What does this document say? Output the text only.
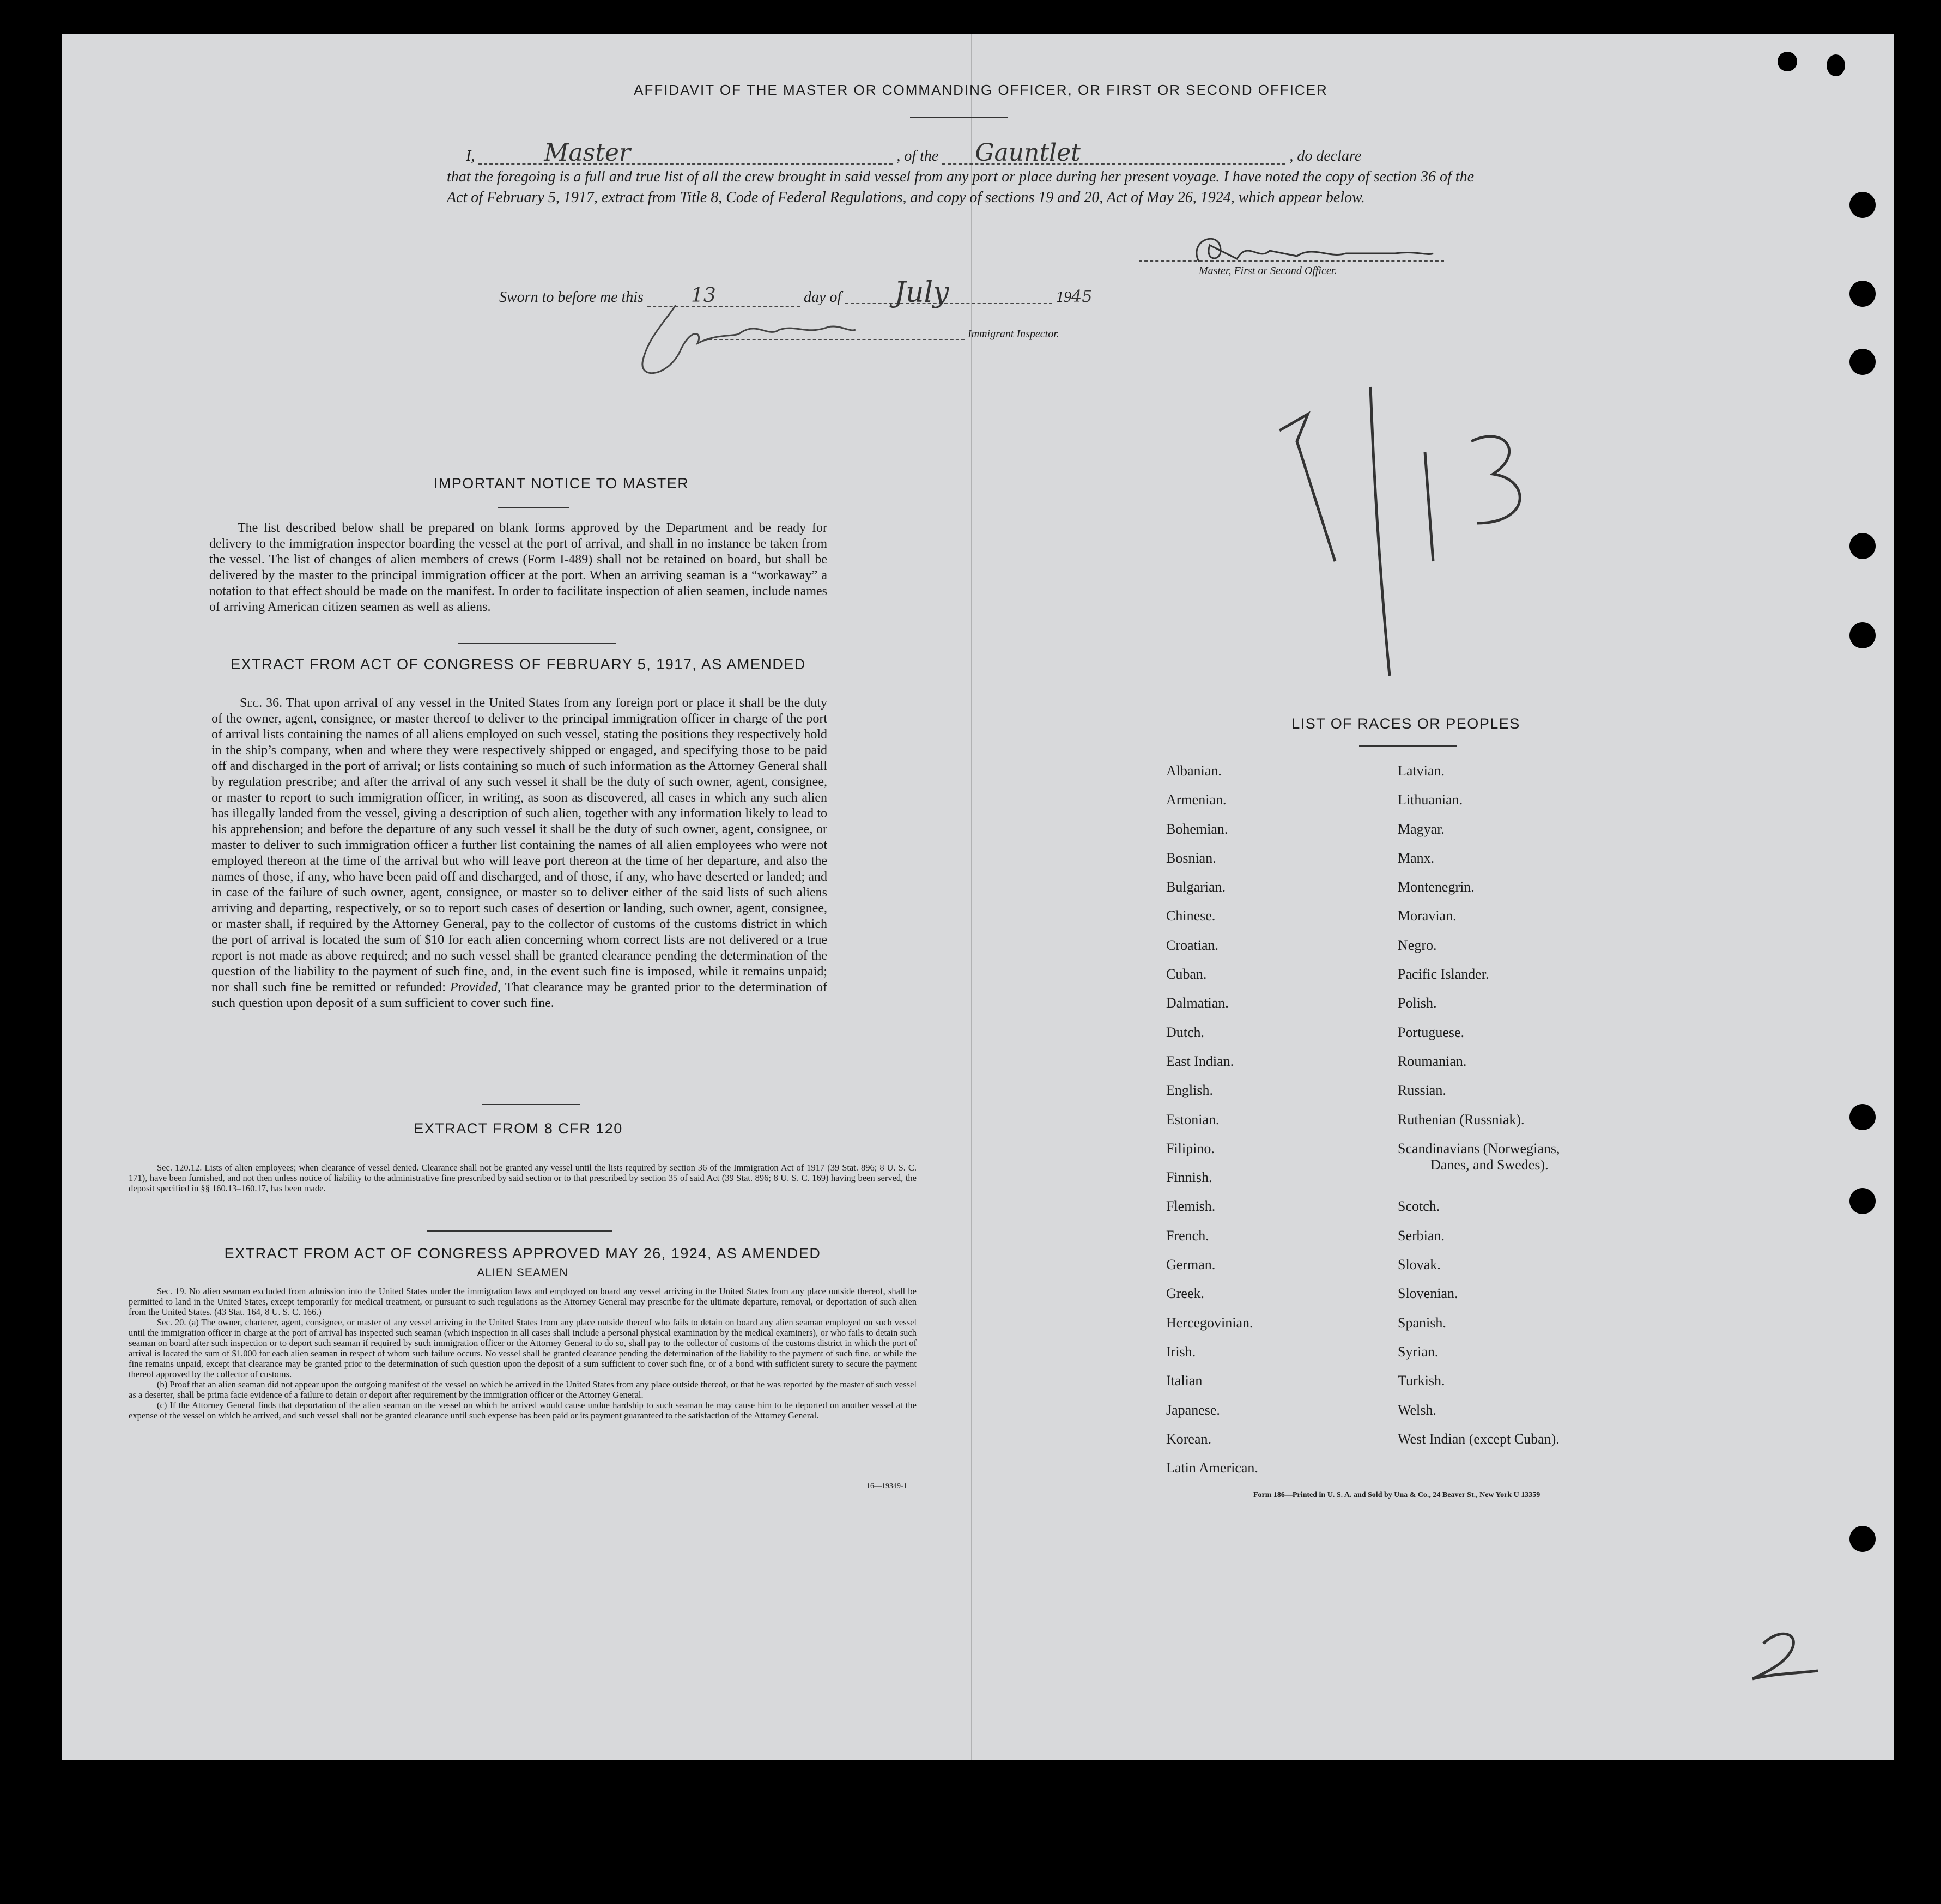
AFFIDAVIT OF THE MASTER OR COMMANDING OFFICER, OR FIRST OR SECOND OFFICER
I,	Master	, of the Gauntlet	, do declare
that the foregoing is a full and true list of all the crew brought in said vessel from any port or place during her present voyage. I have noted the copy of section 36 of the Act of February 5, 1917, extract from Title 8, Code of Federal Regulations, and copy of sections 19 and 20, Act of May 26, 1924, which appear below.
Master, First or Second Officer.
Sworn to before me this 13	day of July	1945
Immigrant Inspector.
IMPORTANT NOTICE TO MASTER
The list described below shall be prepared on blank forms approved by the Department and be ready for delivery to the immigration inspector boarding the vessel at the port of arrival, and shall in no instance be taken from the vessel. The list of changes of alien members of crews (Form I-489) shall not be retained on board, but shall be delivered by the master to the principal immigration officer at the port. When an arriving seaman is a “workaway” a notation to that effect should be made on the manifest. In order to facilitate inspection of alien seamen, include names of arriving American citizen seamen as well as aliens.
EXTRACT FROM ACT OF CONGRESS OF FEBRUARY 5, 1917, AS AMENDED
Sec. 36. That upon arrival of any vessel in the United States from any foreign port or place it shall be the duty of the owner, agent, consignee, or master thereof to deliver to the principal immigration officer in charge of the port of arrival lists containing the names of all aliens employed on such vessel, stating the positions they respectively hold in the ship’s company, when and where they were respectively shipped or engaged, and specifying those to be paid off and discharged in the port of arrival; or lists containing so much of such information as the Attorney General shall by regulation prescribe; and after the arrival of any such vessel it shall be the duty of such owner, agent, consignee, or master to report to such immigration officer, in writing, as soon as discovered, all cases in which any such alien has illegally landed from the vessel, giving a description of such alien, together with any information likely to lead to his apprehension; and before the departure of any such vessel it shall be the duty of such owner, agent, consignee, or master to deliver to such immigration officer a further list containing the names of all alien employees who were not employed thereon at the time of the arrival but who will leave port thereon at the time of her departure, and also the names of those, if any, who have been paid off and discharged, and of those, if any, who have deserted or landed; and in case of the failure of such owner, agent, consignee, or master so to deliver either of the said lists of such aliens arriving and departing, respectively, or so to report such cases of desertion or landing, such owner, agent, consignee, or master shall, if required by the Attorney General, pay to the collector of customs of the customs district in which the port of arrival is located the sum of $10 for each alien concerning whom correct lists are not delivered or a true report is not made as above required; and no such vessel shall be granted clearance pending the determination of the question of the liability to the payment of such fine, and, in the event such fine is imposed, while it remains unpaid; nor shall such fine be remitted or refunded: Provided, That clearance may be granted prior to the determination of such question upon deposit of a sum sufficient to cover such fine.
EXTRACT FROM 8 CFR 120
Sec. 120.12. Lists of alien employees; when clearance of vessel denied. Clearance shall not be granted any vessel until the lists required by section 36 of the Immigration Act of 1917 (39 Stat. 896; 8 U. S. C. 171), have been furnished, and not then unless notice of liability to the administrative fine prescribed by said section or to that prescribed by section 35 of said Act (39 Stat. 896; 8 U. S. C. 169) having been served, the deposit specified in §§ 160.13–160.17, has been made.
EXTRACT FROM ACT OF CONGRESS APPROVED MAY 26, 1924, AS AMENDED
ALIEN SEAMEN

Sec. 19. No alien seaman excluded from admission into the United States under the immigration laws and employed on board any vessel arriving in the United States from any place outside thereof, shall be permitted to land in the United States, except temporarily for medical treatment, or pursuant to such regulations as the Attorney General may prescribe for the ultimate departure, removal, or deportation of such alien from the United States. (43 Stat. 164, 8 U. S. C. 166.)

Sec. 20. (a) The owner, charterer, agent, consignee, or master of any vessel arriving in the United States from any place outside thereof who fails to detain on board any alien seaman employed on such vessel until the immigration officer in charge at the port of arrival has inspected such seaman (which inspection in all cases shall include a personal physical examination by the medical examiners), or who fails to detain such seaman on board after such inspection or to deport such seaman if required by such immigration officer or the Attorney General to do so, shall pay to the collector of customs of the customs district in which the port of arrival is located the sum of $1,000 for each alien seaman in respect of whom such failure occurs. No vessel shall be granted clearance pending the determination of the liability to the payment of such fine, or while the fine remains unpaid, except that clearance may be granted prior to the determination of such question upon the deposit of a sum sufficient to cover such fine, or of a bond with sufficient surety to secure the payment thereof approved by the collector of customs.

(b) Proof that an alien seaman did not appear upon the outgoing manifest of the vessel on which he arrived in the United States from any place outside thereof, or that he was reported by the master of such vessel as a deserter, shall be prima facie evidence of a failure to detain or deport after requirement by the immigration officer or the Attorney General.

(c) If the Attorney General finds that deportation of the alien seaman on the vessel on which he arrived would cause undue hardship to such seaman he may cause him to be deported on another vessel at the expense of the vessel on which he arrived, and such vessel shall not be granted clearance until such expense has been paid or its payment guaranteed to the satisfaction of the Attorney General.

16—19349-1
LIST OF RACES OR PEOPLES
Albanian.
Armenian.
Bohemian.
Bosnian.
Bulgarian.
Chinese.
Croatian.
Cuban.
Dalmatian.
Dutch.
East Indian.
English.
Estonian.
Filipino.
Finnish.
Flemish.
French.
German.
Greek.
Hercegovinian.
Irish.
Italian
Japanese.
Korean.
Latin American.
Latvian.
Lithuanian.
Magyar.
Manx.
Montenegrin.
Moravian.
Negro.
Pacific Islander.
Polish.
Portuguese.
Roumanian.
Russian.
Ruthenian (Russniak).
Scandinavians (Norwegians,
Danes, and Swedes).
Scotch.
Serbian.
Slovak.
Slovenian.
Spanish.
Syrian.
Turkish.
Welsh.
West Indian (except Cuban).
Form 186—Printed in U. S. A. and Sold by Una & Co., 24 Beaver St., New York U 13359
